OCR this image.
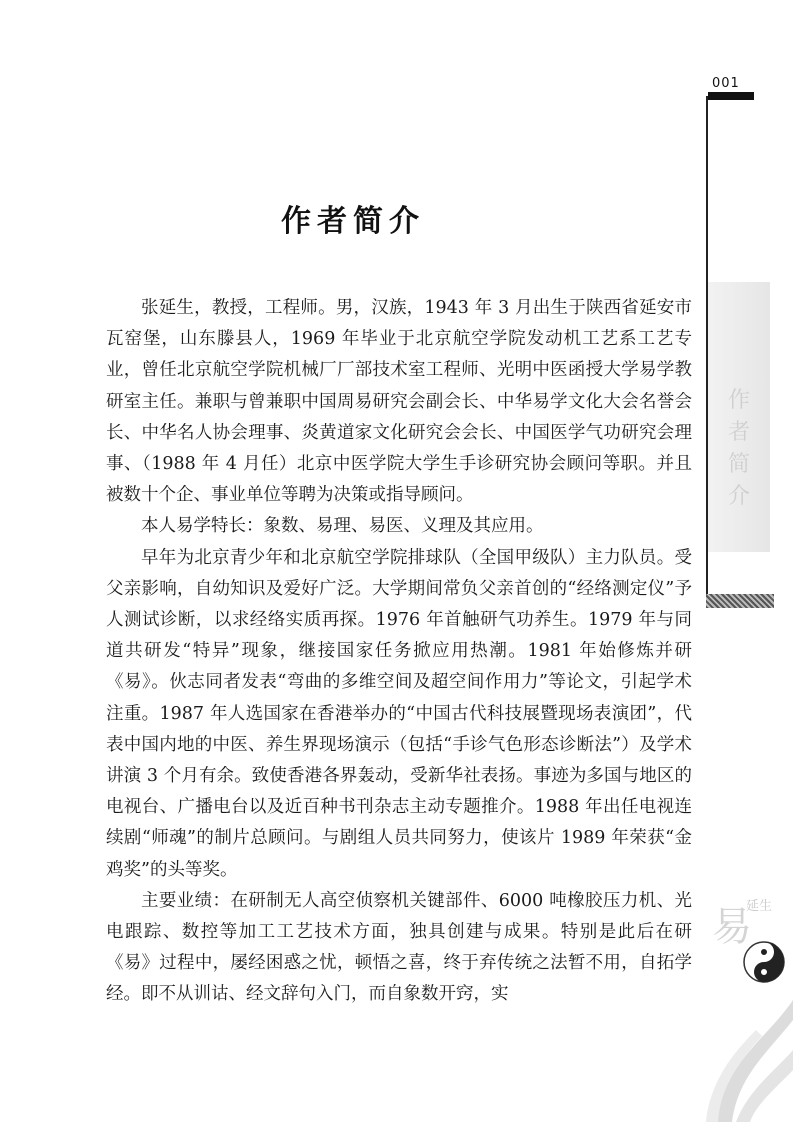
001
作者简介
延生
易
作者简介

张延生，教授，工程师。男，汉族，1943 年 3 月出生于陕西省延安市瓦窑堡，山东滕县人，1969 年毕业于北京航空学院发动机工艺系工艺专业，曾任北京航空学院机械厂厂部技术室工程师、光明中医函授大学易学教研室主任。兼职与曾兼职中国周易研究会副会长、中华易学文化大会名誉会长、中华名人协会理事、炎黄道家文化研究会会长、中国医学气功研究会理事、（1988 年 4 月任）北京中医学院大学生手诊研究协会顾问等职。并且被数十个企、事业单位等聘为决策或指导顾问。

本人易学特长：象数、易理、易医、义理及其应用。

早年为北京青少年和北京航空学院排球队（全国甲级队）主力队员。受父亲影响，自幼知识及爱好广泛。大学期间常负父亲首创的“经络测定仪”予人测试诊断，以求经络实质再探。1976 年首触研气功养生。1979 年与同道共研发“特异”现象，继接国家任务掀应用热潮。1981 年始修炼并研《易》。伙志同者发表“弯曲的多维空间及超空间作用力”等论文，引起学术注重。1987 年人选国家在香港举办的“中国古代科技展暨现场表演团”，代表中国内地的中医、养生界现场演示（包括“手诊气色形态诊断法”）及学术讲演 3 个月有余。致使香港各界轰动，受新华社表扬。事迹为多国与地区的电视台、广播电台以及近百种书刊杂志主动专题推介。1988 年出任电视连续剧“师魂”的制片总顾问。与剧组人员共同努力，使该片 1989 年荣获“金鸡奖”的头等奖。

主要业绩：在研制无人高空侦察机关键部件、6000 吨橡胶压力机、光电跟踪、数控等加工工艺技术方面，独具创建与成果。特别是此后在研《易》过程中，屡经困惑之忧，顿悟之喜，终于弃传统之法暂不用，自拓学经。即不从训诂、经文辞句入门，而自象数开窍，实
